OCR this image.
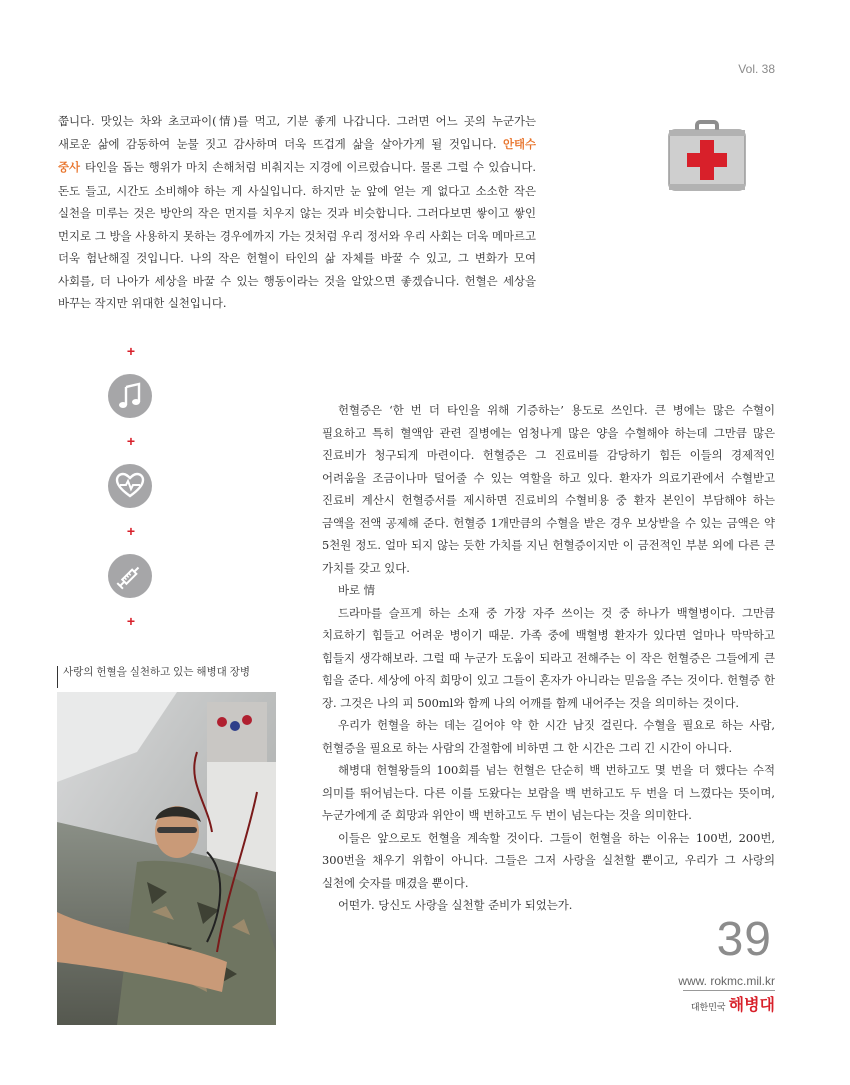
Vol. 38
쭙니다. 맛있는 차와 초코파이(情)를 먹고, 기분 좋게 나갑니다. 그러면 어느 곳의 누군가는 새로운 삶에 감동하여 눈물 짓고 감사하며 더욱 뜨겁게 삶을 살아가게 될 것입니다. 안태수 중사 타인을 돕는 행위가 마치 손해처럼 비춰지는 지경에 이르렀습니다. 물론 그럴 수 있습니다. 돈도 들고, 시간도 소비해야 하는 게 사실입니다. 하지만 눈 앞에 얻는 게 없다고 소소한 작은 실천을 미루는 것은 방안의 작은 먼지를 치우지 않는 것과 비슷합니다. 그러다보면 쌓이고 쌓인 먼지로 그 방을 사용하지 못하는 경우에까지 가는 것처럼 우리 정서와 우리 사회는 더욱 메마르고 더욱 험난해질 것입니다. 나의 작은 헌혈이 타인의 삶 자체를 바꿀 수 있고, 그 변화가 모여 사회를, 더 나아가 세상을 바꿀 수 있는 행동이라는 것을 알았으면 좋겠습니다. 헌혈은 세상을 바꾸는 작지만 위대한 실천입니다.
+
+
+
+
사랑의 헌혈을 실천하고 있는 해병대 장병

헌혈증은 ‘한 번 더 타인을 위해 기증하는’ 용도로 쓰인다. 큰 병에는 많은 수혈이 필요하고 특히 혈액암 관련 질병에는 엄청나게 많은 양을 수혈해야 하는데 그만큼 많은 진료비가 청구되게 마련이다. 헌혈증은 그 진료비를 감당하기 힘든 이들의 경제적인 어려움을 조금이나마 덜어줄 수 있는 역할을 하고 있다. 환자가 의료기관에서 수혈받고 진료비 계산시 헌혈증서를 제시하면 진료비의 수혈비용 중 환자 본인이 부담해야 하는 금액을 전액 공제해 준다. 헌혈증 1개만큼의 수혈을 받은 경우 보상받을 수 있는 금액은 약 5천원 정도. 얼마 되지 않는 듯한 가치를 지닌 헌혈증이지만 이 금전적인 부분 외에 다른 큰 가치를 갖고 있다.

바로 情

드라마를 슬프게 하는 소재 중 가장 자주 쓰이는 것 중 하나가 백혈병이다. 그만큼 치료하기 힘들고 어려운 병이기 때문. 가족 중에 백혈병 환자가 있다면 얼마나 막막하고 힘들지 생각해보라. 그럴 때 누군가 도움이 되라고 전해주는 이 작은 헌혈증은 그들에게 큰 힘을 준다. 세상에 아직 희망이 있고 그들이 혼자가 아니라는 믿음을 주는 것이다. 헌혈증 한 장. 그것은 나의 피 500ml와 함께 나의 어깨를 함께 내어주는 것을 의미하는 것이다.

우리가 헌혈을 하는 데는 길어야 약 한 시간 남짓 걸린다. 수혈을 필요로 하는 사람, 헌혈증을 필요로 하는 사람의 간절함에 비하면 그 한 시간은 그리 긴 시간이 아니다.

해병대 헌혈왕들의 100회를 넘는 헌혈은 단순히 백 번하고도 몇 번을 더 했다는 수적 의미를 뛰어넘는다. 다른 이를 도왔다는 보람을 백 번하고도 두 번을 더 느꼈다는 뜻이며, 누군가에게 준 희망과 위안이 백 번하고도 두 번이 넘는다는 것을 의미한다.

이들은 앞으로도 헌혈을 계속할 것이다. 그들이 헌혈을 하는 이유는 100번, 200번, 300번을 채우기 위함이 아니다. 그들은 그저 사랑을 실천할 뿐이고, 우리가 그 사랑의 실천에 숫자를 매겼을 뿐이다.

어떤가. 당신도 사랑을 실천할 준비가 되었는가.

39
www. rokmc.mil.kr
대한민국 해병대
